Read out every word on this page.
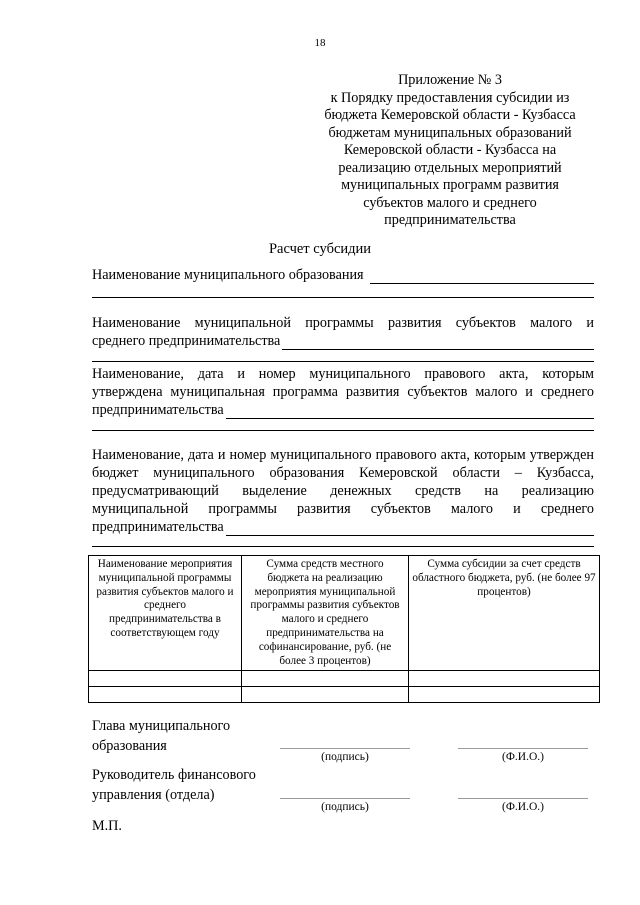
18
Приложение № 3
к Порядку предоставления субсидии из
бюджета Кемеровской области - Кузбасса
бюджетам муниципальных образований
Кемеровской области - Кузбасса на
реализацию отдельных мероприятий
муниципальных программ развития
субъектов малого и среднего
предпринимательства
Расчет субсидии
Наименование муниципального образования
Наименование муниципальной программы развития субъектов малого и
среднего предпринимательства
Наименование, дата и номер муниципального правового акта, которым утверждена муниципальная программа развития субъектов малого и среднего
предпринимательства
Наименование, дата и номер муниципального правового акта, которым утвержден бюджет муниципального образования Кемеровской области – Кузбасса, предусматривающий выделение денежных средств на реализацию муниципальной программы развития субъектов малого и среднего
предпринимательства
Наименование мероприятия муниципальной программы развития субъектов малого и среднего предпринимательства в соответствующем году	Сумма средств местного бюджета на реализацию мероприятия муниципальной программы развития субъектов малого и среднего предпринимательства на софинансирование, руб. (не более 3 процентов)	Сумма субсидии за счет средств областного бюджета, руб. (не более 97 процентов)

Глава муниципального
образования
(подпись)	(Ф.И.О.)
Руководитель финансового
управления (отдела)
(подпись)	(Ф.И.О.)
М.П.
